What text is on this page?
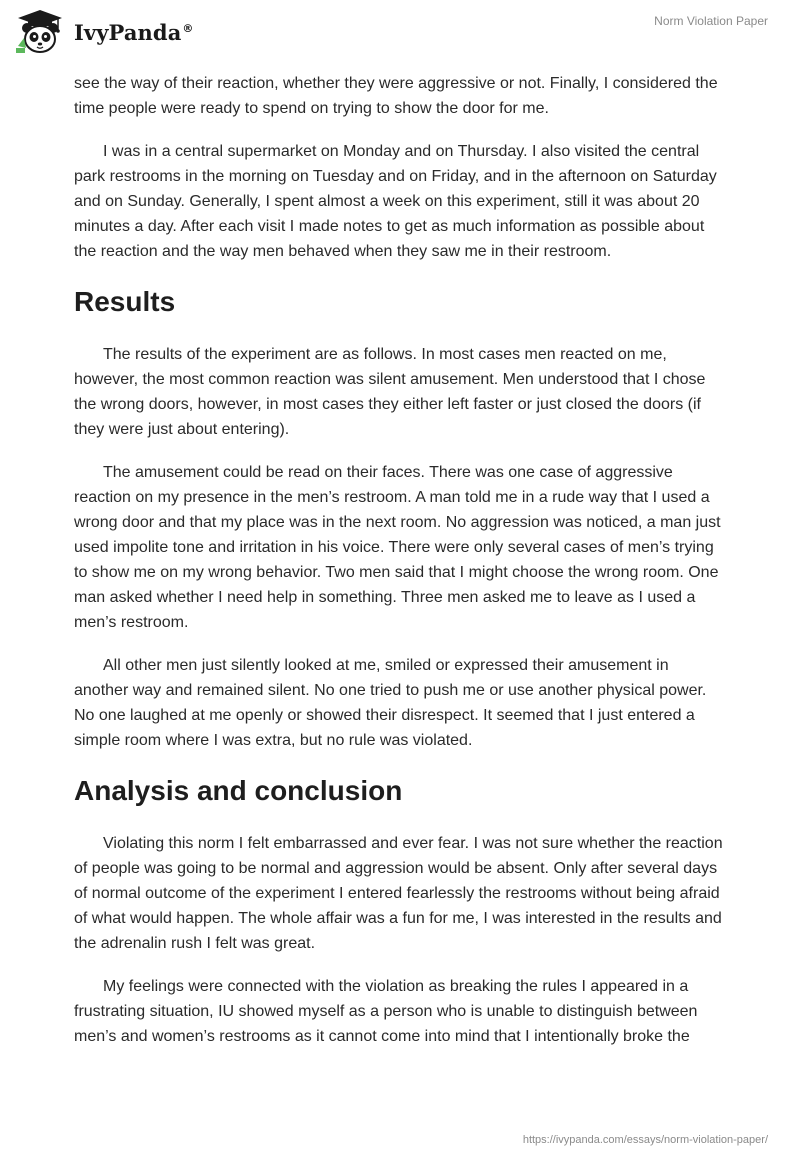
IvyPanda®	Norm Violation Paper

see the way of their reaction, whether they were aggressive or not. Finally, I considered the time people were ready to spend on trying to show the door for me.

I was in a central supermarket on Monday and on Thursday. I also visited the central park restrooms in the morning on Tuesday and on Friday, and in the afternoon on Saturday and on Sunday. Generally, I spent almost a week on this experiment, still it was about 20 minutes a day. After each visit I made notes to get as much information as possible about the reaction and the way men behaved when they saw me in their restroom.

Results

The results of the experiment are as follows. In most cases men reacted on me, however, the most common reaction was silent amusement. Men understood that I chose the wrong doors, however, in most cases they either left faster or just closed the doors (if they were just about entering).

The amusement could be read on their faces. There was one case of aggressive reaction on my presence in the men’s restroom. A man told me in a rude way that I used a wrong door and that my place was in the next room. No aggression was noticed, a man just used impolite tone and irritation in his voice. There were only several cases of men’s trying to show me on my wrong behavior. Two men said that I might choose the wrong room. One man asked whether I need help in something. Three men asked me to leave as I used a men’s restroom.

All other men just silently looked at me, smiled or expressed their amusement in another way and remained silent. No one tried to push me or use another physical power. No one laughed at me openly or showed their disrespect. It seemed that I just entered a simple room where I was extra, but no rule was violated.

Analysis and conclusion

Violating this norm I felt embarrassed and ever fear. I was not sure whether the reaction of people was going to be normal and aggression would be absent. Only after several days of normal outcome of the experiment I entered fearlessly the restrooms without being afraid of what would happen. The whole affair was a fun for me, I was interested in the results and the adrenalin rush I felt was great.

My feelings were connected with the violation as breaking the rules I appeared in a frustrating situation, IU showed myself as a person who is unable to distinguish between men’s and women’s restrooms as it cannot come into mind that I intentionally broke the

https://ivypanda.com/essays/norm-violation-paper/
